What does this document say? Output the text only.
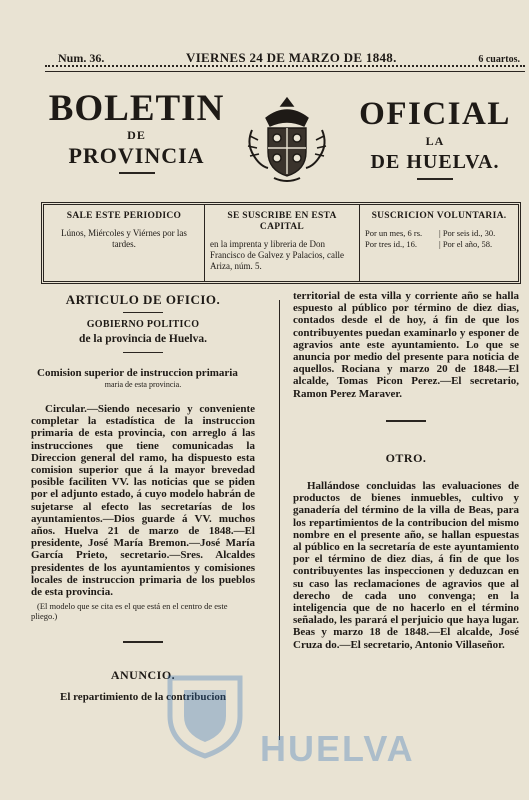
Num. 36.	VIERNES 24 DE MARZO DE 1848.	6 cuartos.
BOLETIN
DE
PROVINCIA
OFICIAL
LA
DE HUELVA.
SALE ESTE PERIODICO
Lúnos, Miércoles y Viérnes por las tardes.
SE SUSCRIBE EN ESTA CAPITAL
en la imprenta y libreria de Don Francisco de Galvez y Palacios, calle Ariza, núm. 5.
SUSCRICION VOLUNTARIA.
Por un mes, 6 rs.	| Por seis id., 30.
Por tres id., 16.	| Por el año, 58.
ARTICULO DE OFICIO.
GOBIERNO POLITICO
de la provincia de Huelva.
Comision superior de instruccion primaria
maria de esta provincia.
Circular.—Siendo necesario y conveniente completar la estadística de la instruccion primaria de esta provincia, con arreglo á las instrucciones que tiene comunicadas la Direccion general del ramo, ha dispuesto esta comision superior que á la mayor brevedad posible faciliten VV. las noticias que se piden por el adjunto estado, á cuyo modelo habrán de sujetarse al efecto las secretarías de los ayuntamientos.—Dios guarde á VV. muchos años. Huelva 21 de marzo de 1848.—El presidente, José María Bremon.—José María García Prieto, secretario.—Sres. Alcaldes presidentes de los ayuntamientos y comisiones locales de instruccion primaria de los pueblos de esta provincia.
(El modelo que se cita es el que está en el centro de este pliego.)
ANUNCIO.
El repartimiento de la contribucion
territorial de esta villa y corriente año se halla espuesto al público por término de diez dias, contados desde el de hoy, á fin de que los contribuyentes puedan examinarlo y esponer de agravios ante este ayuntamiento. Lo que se anuncia por medio del presente para noticia de aquellos. Rociana y marzo 20 de 1848.—El alcalde, Tomas Picon Perez.—El secretario, Ramon Perez Maraver.
OTRO.
Hallándose concluidas las evaluaciones de productos de bienes inmuebles, cultivo y ganadería del término de la villa de Beas, para los repartimientos de la contribucion del mismo nombre en el presente año, se hallan espuestas al público en la secretaría de este ayuntamiento por el término de diez dias, á fin de que los contribuyentes las inspeccionen y deduzcan en su caso las reclamaciones de agravios que al derecho de cada uno convenga; en la inteligencia que de no hacerlo en el término señalado, les parará el perjuicio que haya lugar. Beas y marzo 18 de 1848.—El alcalde, José Cruza do.—El secretario, Antonio Villaseñor.
HUELVA
